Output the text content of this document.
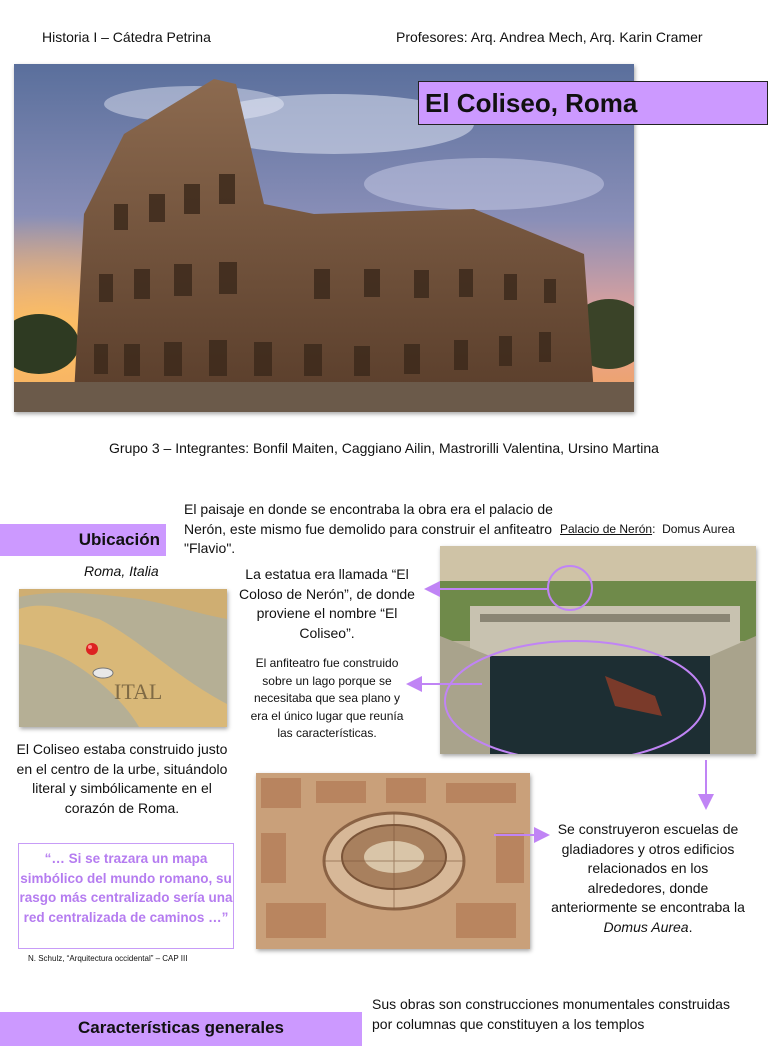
Historia I – Cátedra Petrina	Profesores: Arq. Andrea Mech, Arq. Karin Cramer
El Coliseo, Roma
Grupo 3 – Integrantes: Bonfil Maiten, Caggiano Ailin, Mastrorilli Valentina, Ursino Martina
El paisaje en donde se encontraba la obra era el palacio de Nerón, este mismo fue demolido para construir el anfiteatro "Flavio".
Ubicación
Roma, Italia
ITAL
Palacio de Nerón:  Domus Aurea
La estatua era llamada “El Coloso de Nerón”, de donde proviene el nombre “El Coliseo”.
El anfiteatro fue construido sobre un lago porque se necesitaba que sea plano y era el único lugar que reunía las características.
El Coliseo estaba construido justo en el centro de la urbe, situándolo literal y simbólicamente en el corazón de Roma.
Se construyeron escuelas de gladiadores y otros edificios relacionados en los alrededores, donde anteriormente se encontraba la Domus Aurea.
“… Si se trazara un mapa simbólico del mundo romano, su rasgo más centralizado sería una red centralizada de caminos …”
N. Schulz, “Arquitectura occidental” – CAP III
Características generales
Sus obras son construcciones monumentales construidas por columnas que constituyen a los templos
